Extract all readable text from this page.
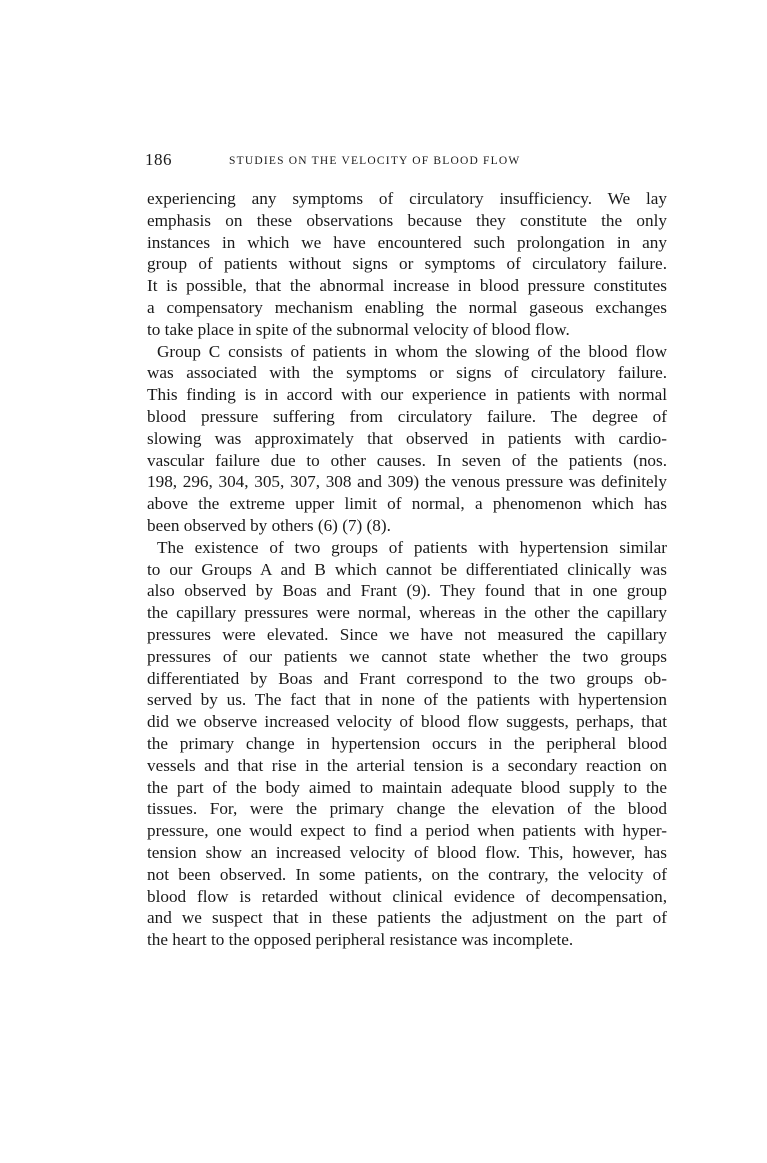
186	STUDIES ON THE VELOCITY OF BLOOD FLOW
experiencing any symptoms of circulatory insufficiency. We lay
emphasis on these observations because they constitute the only
instances in which we have encountered such prolongation in any
group of patients without signs or symptoms of circulatory failure.
It is possible, that the abnormal increase in blood pressure constitutes
a compensatory mechanism enabling the normal gaseous exchanges
to take place in spite of the subnormal velocity of blood flow.
Group C consists of patients in whom the slowing of the blood flow
was associated with the symptoms or signs of circulatory failure.
This finding is in accord with our experience in patients with normal
blood pressure suffering from circulatory failure. The degree of
slowing was approximately that observed in patients with cardio-
vascular failure due to other causes. In seven of the patients (nos.
198, 296, 304, 305, 307, 308 and 309) the venous pressure was definitely
above the extreme upper limit of normal, a phenomenon which has
been observed by others (6) (7) (8).
The existence of two groups of patients with hypertension similar
to our Groups A and B which cannot be differentiated clinically was
also observed by Boas and Frant (9). They found that in one group
the capillary pressures were normal, whereas in the other the capillary
pressures were elevated. Since we have not measured the capillary
pressures of our patients we cannot state whether the two groups
differentiated by Boas and Frant correspond to the two groups ob-
served by us. The fact that in none of the patients with hypertension
did we observe increased velocity of blood flow suggests, perhaps, that
the primary change in hypertension occurs in the peripheral blood
vessels and that rise in the arterial tension is a secondary reaction on
the part of the body aimed to maintain adequate blood supply to the
tissues. For, were the primary change the elevation of the blood
pressure, one would expect to find a period when patients with hyper-
tension show an increased velocity of blood flow. This, however, has
not been observed. In some patients, on the contrary, the velocity of
blood flow is retarded without clinical evidence of decompensation,
and we suspect that in these patients the adjustment on the part of
the heart to the opposed peripheral resistance was incomplete.
